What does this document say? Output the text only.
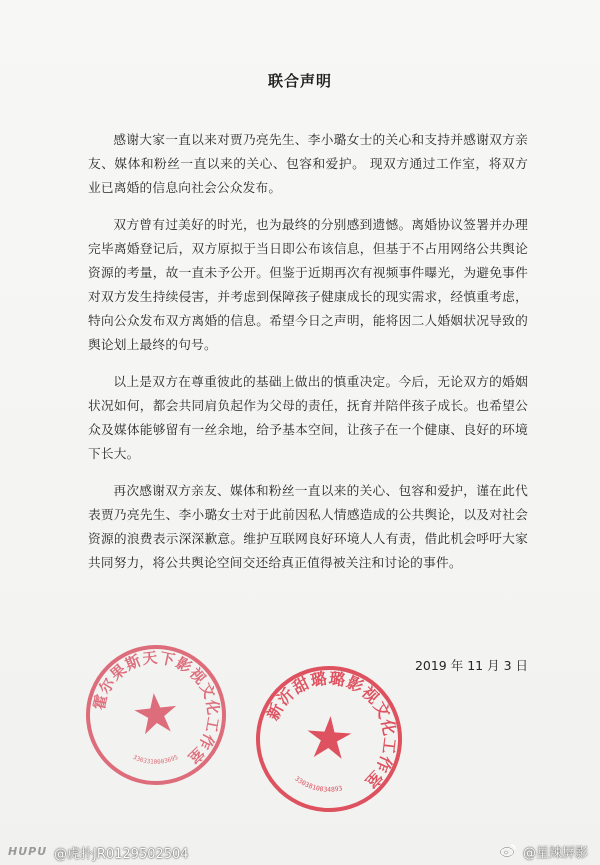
联合声明

感谢大家一直以来对贾乃亮先生、李小璐女士的关心和支持并感谢双方亲友、媒体和粉丝一直以来的关心、包容和爱护。 现双方通过工作室，将双方业已离婚的信息向社会公众发布。

双方曾有过美好的时光，也为最终的分别感到遗憾。离婚协议签署并办理完毕离婚登记后，双方原拟于当日即公布该信息，但基于不占用网络公共舆论资源的考量，故一直未予公开。但鉴于近期再次有视频事件曝光，为避免事件对双方发生持续侵害，并考虑到保障孩子健康成长的现实需求，经慎重考虑，特向公众发布双方离婚的信息。希望今日之声明，能将因二人婚姻状况导致的舆论划上最终的句号。

以上是双方在尊重彼此的基础上做出的慎重决定。今后，无论双方的婚姻状况如何，都会共同肩负起作为父母的责任，抚育并陪伴孩子成长。也希望公众及媒体能够留有一丝余地，给予基本空间，让孩子在一个健康、良好的环境下长大。

再次感谢双方亲友、媒体和粉丝一直以来的关心、包容和爱护，谨在此代表贾乃亮先生、李小璐女士对于此前因私人情感造成的公共舆论，以及对社会资源的浪费表示深深歉意。维护互联网良好环境人人有责，借此机会呼吁大家共同努力，将公共舆论空间交还给真正值得被关注和讨论的事件。

2019 年 11 月 3 日
霍尔果斯天下影视文化工作室
3303310003695
新沂甜璐璐影视文化工作室
3303810034893
HUPU @虎扑JR0129502504	@星辣屏影
